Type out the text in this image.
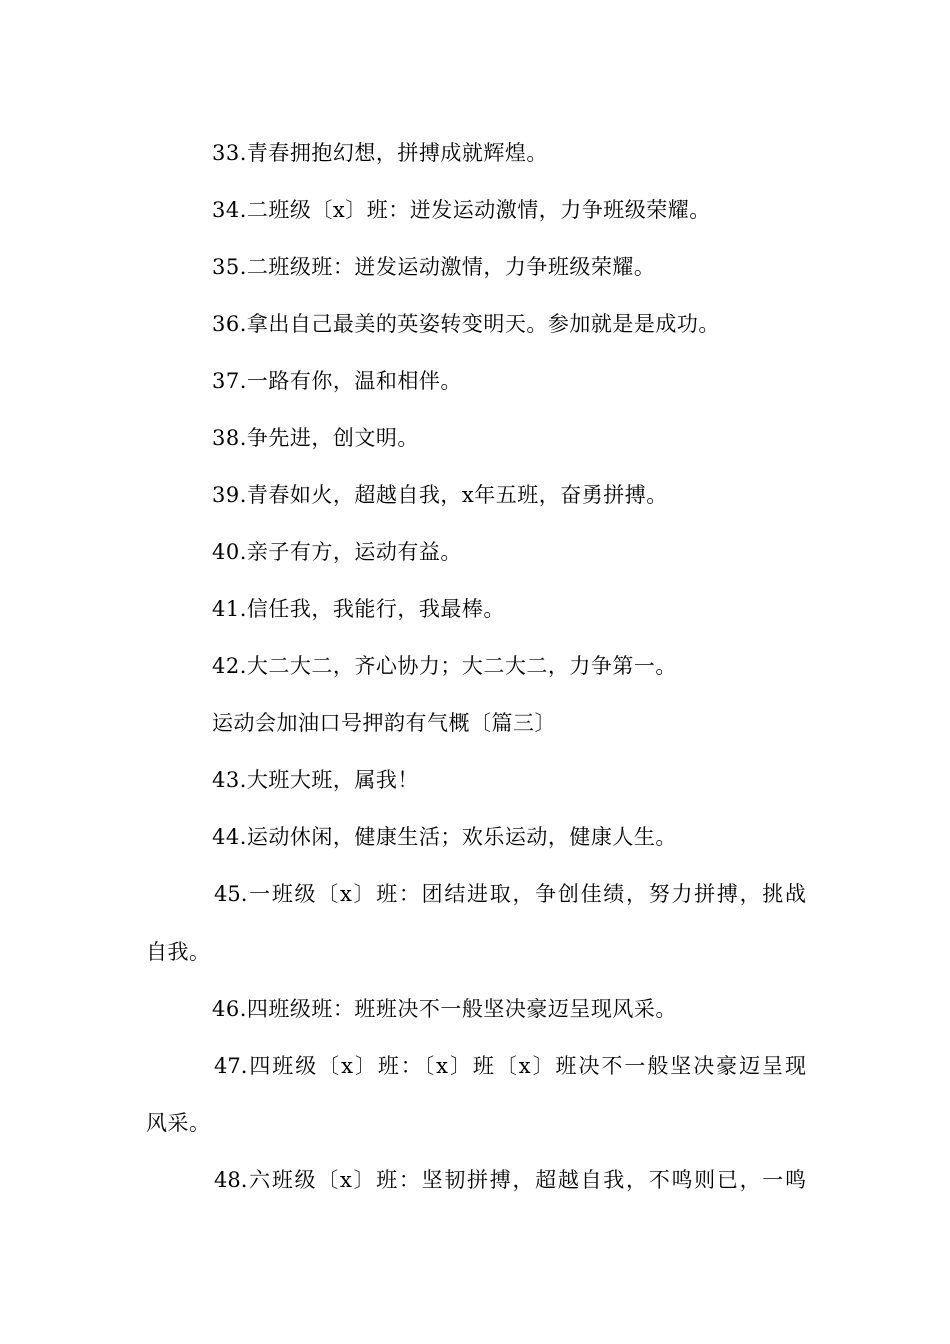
33.青春拥抱幻想，拼搏成就辉煌。
34.二班级〔x〕班：迸发运动激情，力争班级荣耀。
35.二班级班：迸发运动激情，力争班级荣耀。
36.拿出自己最美的英姿转变明天。参加就是是成功。
37.一路有你，温和相伴。
38.争先进，创文明。
39.青春如火，超越自我，x年五班，奋勇拼搏。
40.亲子有方，运动有益。
41.信任我，我能行，我最棒。
42.大二大二，齐心协力；大二大二，力争第一。
运动会加油口号押韵有气概〔篇三〕
43.大班大班，属我！
44.运动休闲，健康生活；欢乐运动，健康人生。
45.一班级〔x〕班：团结进取，争创佳绩，努力拼搏，挑战
自我。
46.四班级班：班班决不一般坚决豪迈呈现风采。
47.四班级〔x〕班：〔x〕班〔x〕班决不一般坚决豪迈呈现
风采。
48.六班级〔x〕班：坚韧拼搏，超越自我，不鸣则已，一鸣
